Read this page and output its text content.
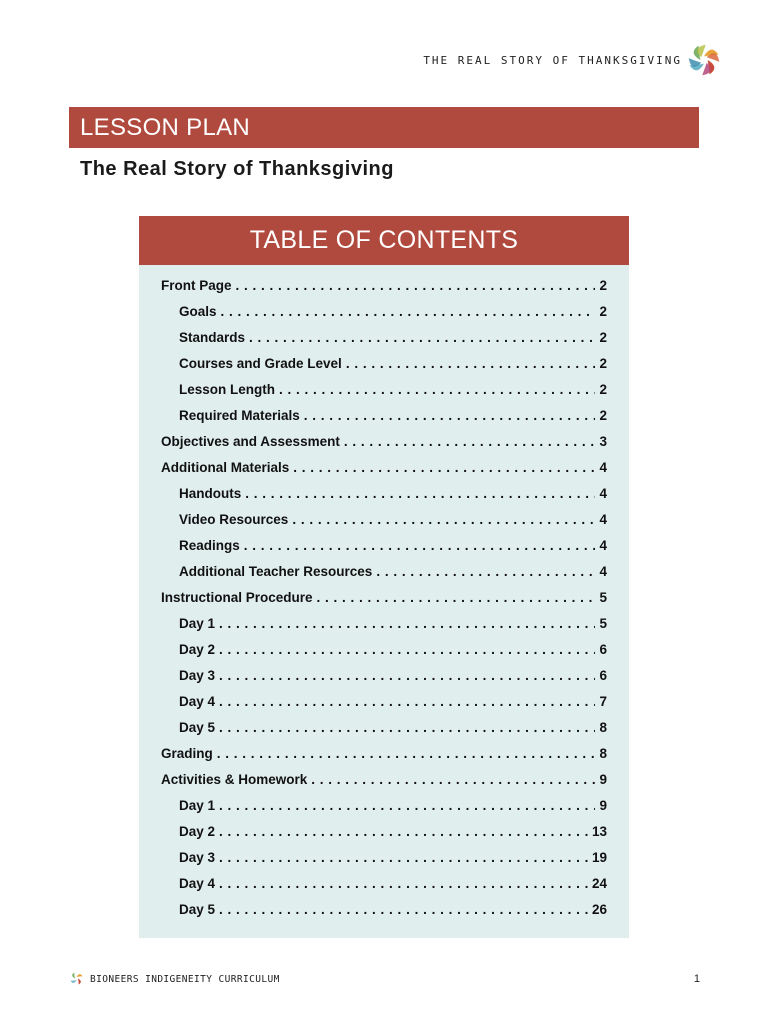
THE REAL STORY OF THANKSGIVING
LESSON PLAN
The Real Story of Thanksgiving
TABLE OF CONTENTS
Front Page . . .	2
Goals . . .	2
Standards . . .	2
Courses and Grade Level . . .	2
Lesson Length . . .	2
Required Materials . . .	2
Objectives and Assessment . . .	3
Additional Materials . . .	4
Handouts . . .	4
Video Resources . . .	4
Readings . . .	4
Additional Teacher Resources . . .	4
Instructional Procedure . . .	5
Day 1 . . .	5
Day 2 . . .	6
Day 3 . . .	6
Day 4 . . .	7
Day 5 . . .	8
Grading . . .	8
Activities & Homework . . .	9
Day 1 . . .	9
Day 2 . . .	13
Day 3 . . .	19
Day 4 . . .	24
Day 5 . . .	26
BIONEERS INDIGENEITY CURRICULUM	1
